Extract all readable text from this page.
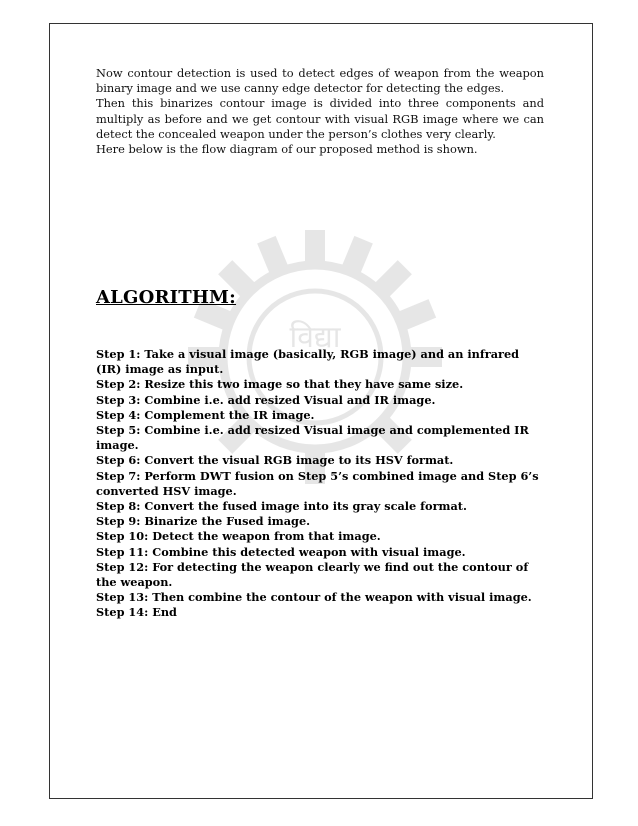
विद्या

Now contour detection is used to detect edges of weapon from the weapon binary image and we use canny edge detector for detecting the edges.

Then this binarizes contour image is divided into three components and multiply as before and we get contour with visual RGB image where we can detect the concealed weapon under the person’s clothes very clearly.

Here below is the flow diagram of our proposed method is shown.

ALGORITHM:
Step 1: Take a visual image (basically, RGB image) and an infrared (IR) image as input.
Step 2: Resize this two image so that they have same size.
Step 3: Combine i.e. add resized Visual and IR image.
Step 4: Complement the IR image.
Step 5: Combine i.e. add resized Visual image and complemented IR image.
Step 6: Convert the visual RGB image to its HSV format.
Step 7: Perform DWT fusion on Step 5’s combined image and Step 6’s converted HSV image.
Step 8: Convert the fused image into its gray scale format.
Step 9: Binarize the Fused image.
Step 10: Detect the weapon from that image.
Step 11: Combine this detected weapon with visual image.
Step 12: For detecting the weapon clearly we find out the contour of the weapon.
Step 13: Then combine the contour of the weapon with visual image.
Step 14: End
